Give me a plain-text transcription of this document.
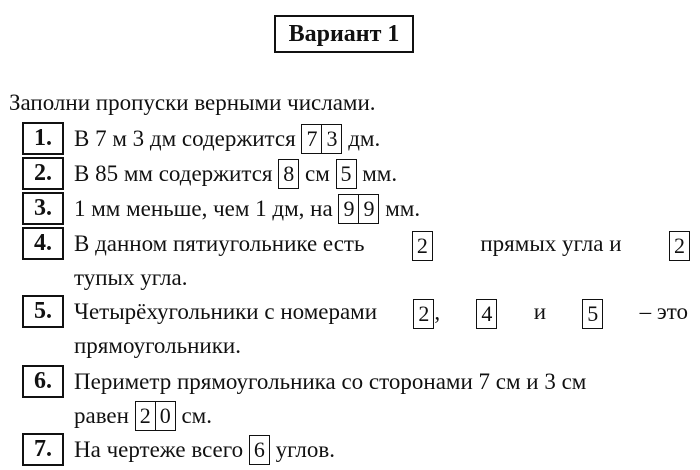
Вариант 1
Заполни пропуски верными числами.
1. В 7 м 3 дм содержится 7 3 дм.
2. В 85 мм содержится 8 см 5 мм.
3. 1 мм меньше, чем 1 дм, на 9 9 мм.
4. В данном пятиугольнике есть 2 прямых угла и 2
тупых угла.
5. Четырёхугольники с номерами 2 , 4 и 5 – это
прямоугольники.
6. Периметр прямоугольника со сторонами 7 см и 3 см
равен 2 0 см.
7. На чертеже всего 6 углов.
